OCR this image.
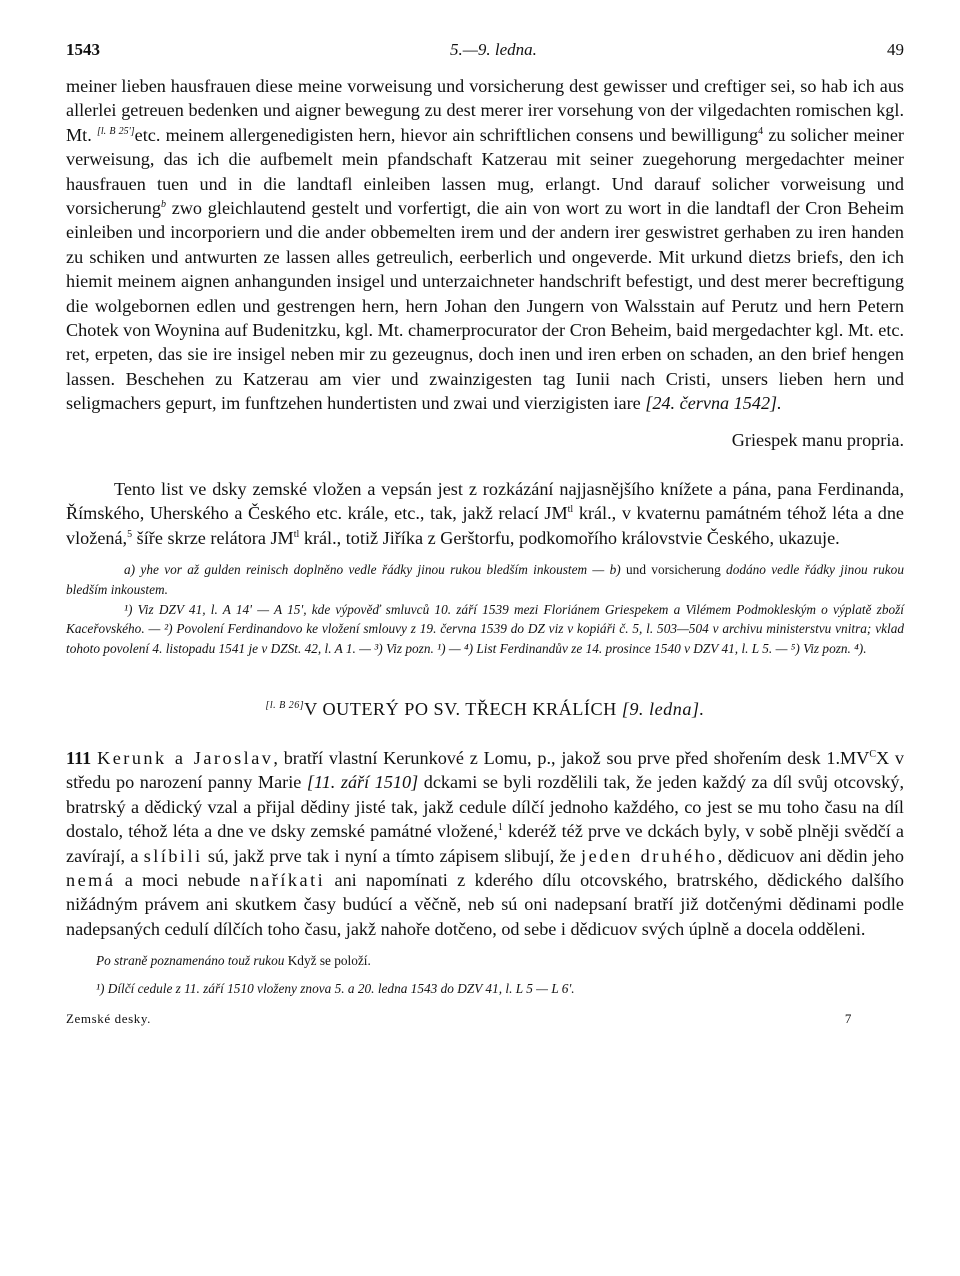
1543	5.—9. ledna.	49

meiner lieben hausfrauen diese meine vorweisung und vorsicherung dest gewisser und creftiger sei, so hab ich aus allerlei getreuen bedenken und aigner bewegung zu dest merer irer vorsehung von der vilgedachten romischen kgl. Mt. [l. B 25']etc. meinem allergenedigisten hern, hievor ain schriftlichen consens und bewilligung$^4$ zu solicher meiner verweisung, das ich die aufbemelt mein pfandschaft Katzerau mit seiner zuegehorung mergedachter meiner hausfrauen tuen und in die landtafl einleiben lassen mug, erlangt. Und darauf solicher vorweisung und vorsicherung$^b$ zwo gleichlautend gestelt und vorfertigt, die ain von wort zu wort in die landtafl der Cron Beheim einleiben und incorporiern und die ander obbemelten irem und der andern irer geswistret gerhaben zu iren handen zu schiken und antwurten ze lassen alles getreulich, eerberlich und ongeverde. Mit urkund dietzs briefs, den ich hiemit meinem aignen anhangunden insigel und unterzaichneter handschrift befestigt, und dest merer becreftigung die wolgebornen edlen und gestrengen hern, hern Johan den Jungern von Walsstain auf Perutz und hern Petern Chotek von Woynina auf Budenitzku, kgl. Mt. chamerprocurator der Cron Beheim, baid mergedachter kgl. Mt. etc. ret, erpeten, das sie ire insigel neben mir zu gezeugnus, doch inen und iren erben on schaden, an den brief hengen lassen. Beschehen zu Katzerau am vier und zwainzigesten tag Iunii nach Cristi, unsers lieben hern und seligmachers gepurt, im funftzehen hundertisten und zwai und vierzigisten iare [24. června 1542].

Griespek manu propria.

Tento list ve dsky zemské vložen a vepsán jest z rozkázání najjasnějšího knížete a pána, pana Ferdinanda, Římského, Uherského a Českého etc. krále, etc., tak, jakž relací $JM^{tl}$ král., v kvaternu památném téhož léta a dne vložená,$^5$ šíře skrze relátora $JM^{tl}$ král., totiž Jiříka z Gerštorfu, podkomořího královstvie Českého, ukazuje.

a) yhe vor až gulden reinisch doplněno vedle řádky jinou rukou bledším inkoustem — b) und vorsicherung dodáno vedle řádky jinou rukou bledším inkoustem.

¹) Viz DZV 41, l. A 14' — A 15', kde výpověď smluvců 10. září 1539 mezi Floriánem Griespekem a Vilémem Podmokleským o výplatě zboží Kaceřovského. — ²) Povolení Ferdinandovo ke vložení smlouvy z 19. června 1539 do DZ viz v kopiáři č. 5, l. 503—504 v archivu ministerstvu vnitra; vklad tohoto povolení 4. listopadu 1541 je v DZSt. 42, l. A 1. — ³) Viz pozn. ¹) — ⁴) List Ferdinandův ze 14. prosince 1540 v DZV 41, l. L 5. — ⁵) Viz pozn. ⁴).

[l. B 26]V OUTERÝ PO SV. TŘECH KRÁLÍCH [9. ledna].

111 Kerunk a Jaroslav, bratří vlastní Kerunkové z Lomu, p., jakož sou prve před shořením desk $1.MV^CX$ v středu po narození panny Marie [11. září 1510] dckami se byli rozdělili tak, že jeden každý za díl svůj otcovský, bratrský a dědický vzal a přijal dědiny jisté tak, jakž cedule dílčí jednoho každého, co jest se mu toho času na díl dostalo, téhož léta a dne ve dsky zemské památné vložené,$^1$ kderéž též prve ve dckách byly, v sobě plněji svědčí a zavírají, a slíbili sú, jakž prve tak i nyní a tímto zápisem slibují, že jeden druhého, dědicuov ani dědin jeho nemá a moci nebude naříkati ani napomínati z kderého dílu otcovského, bratrského, dědického dalšího nižádným právem ani skutkem časy budúcí a věčně, neb sú oni nadepsaní bratří již dotčenými dědinami podle nadepsaných cedulí dílčích toho času, jakž nahoře dotčeno, od sebe i dědicuov svých úplně a docela odděleni.

Po straně poznamenáno touž rukou Když se položí.
¹) Dílčí cedule z 11. září 1510 vloženy znova 5. a 20. ledna 1543 do DZV 41, l. L 5 — L 6'.
Zemské desky.	7
